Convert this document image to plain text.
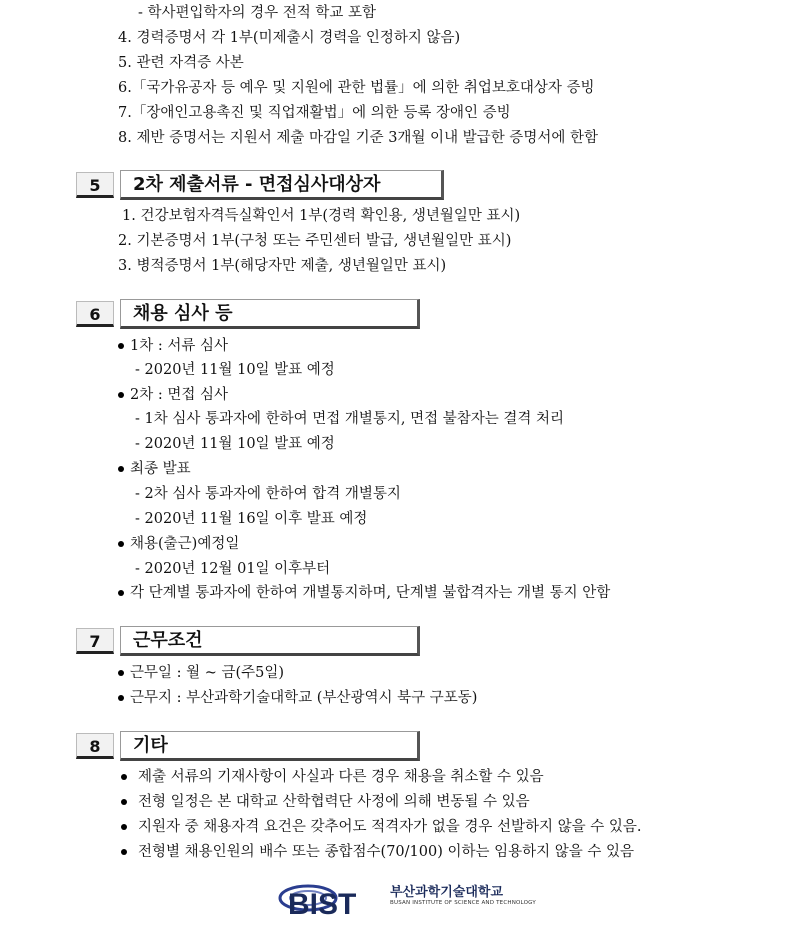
- 학사편입학자의 경우 전적 학교 포함
4. 경력증명서 각 1부(미제출시 경력을 인정하지 않음)
5. 관련 자격증 사본
6.「국가유공자 등 예우 및 지원에 관한 법률」에 의한 취업보호대상자 증빙
7.「장애인고용촉진 및 직업재활법」에 의한 등록 장애인 증빙
8. 제반 증명서는 지원서 제출 마감일 기준 3개월 이내 발급한 증명서에 한함
5	2차 제출서류 - 면접심사대상자
1. 건강보험자격득실확인서 1부(경력 확인용, 생년월일만 표시)
2. 기본증명서 1부(구청 또는 주민센터 발급, 생년월일만 표시)
3. 병적증명서 1부(해당자만 제출, 생년월일만 표시)
6	채용 심사 등
1차 : 서류 심사
- 2020년 11월 10일 발표 예정
2차 : 면접 심사
- 1차 심사 통과자에 한하여 면접 개별통지, 면접 불참자는 결격 처리
- 2020년 11월 10일 발표 예정
최종 발표
- 2차 심사 통과자에 한하여 합격 개별통지
- 2020년 11월 16일 이후 발표 예정
채용(출근)예정일
- 2020년 12월 01일 이후부터
각 단계별 통과자에 한하여 개별통지하며, 단계별 불합격자는 개별 통지 안함
7	근무조건
근무일 : 월 ~ 금(주5일)
근무지 : 부산과학기술대학교 (부산광역시 북구 구포동)
8	기타
제출 서류의 기재사항이 사실과 다른 경우 채용을 취소할 수 있음
전형 일정은 본 대학교 산학협력단 사정에 의해 변동될 수 있음
지원자 중 채용자격 요건은 갖추어도 적격자가 없을 경우 선발하지 않을 수 있음.
전형별 채용인원의 배수 또는 종합점수(70/100) 이하는 임용하지 않을 수 있음
BIST	부산과학기술대학교
BUSAN INSTITUTE OF SCIENCE AND TECHNOLOGY
